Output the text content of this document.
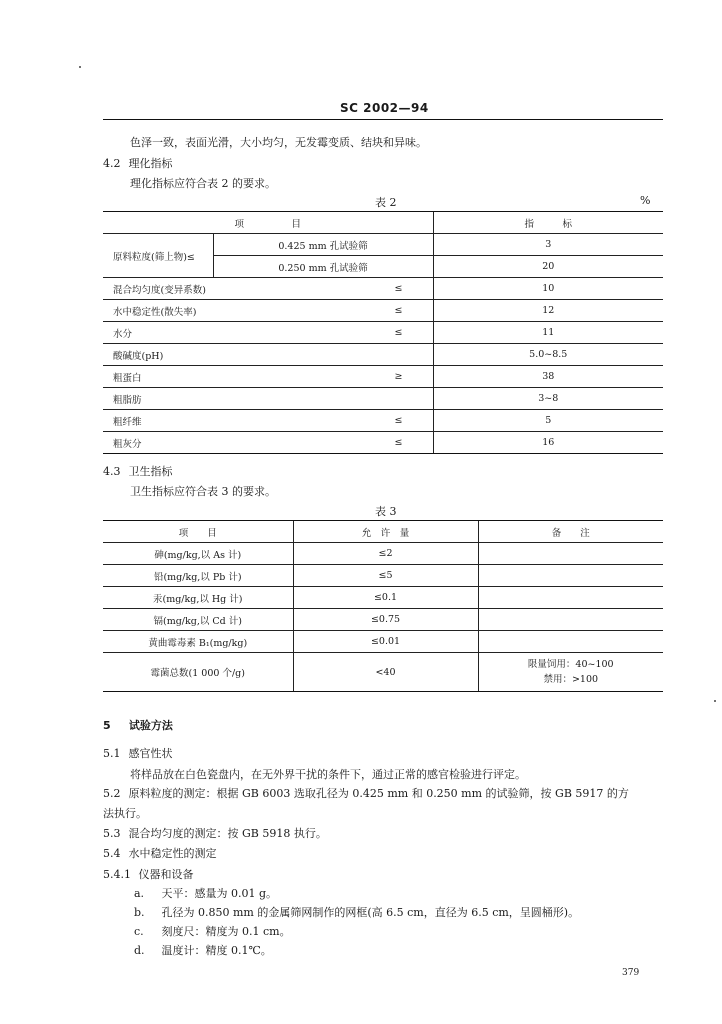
SC 2002—94
色泽一致，表面光滑，大小均匀，无发霉变质、结块和异味。
4.2 理化指标
理化指标应符合表 2 的要求。
表 2	%
项　　　　　目			指　　　标
原料粒度(筛上物)≤	0.425 mm 孔试验筛		3
	0.250 mm 孔试验筛		20
混合均匀度(变异系数)		≤	10
水中稳定性(散失率)		≤	12
水分		≤	11
酸碱度(pH)			5.0~8.5
粗蛋白		≥	38
粗脂肪			3~8
粗纤维		≤	5
粗灰分		≤	16
4.3 卫生指标
卫生指标应符合表 3 的要求。
表 3
项　　目	允　许　量	备　　注
砷(mg/kg,以 As 计)	≤2	
铅(mg/kg,以 Pb 计)	≤5	
汞(mg/kg,以 Hg 计)	≤0.1	
镉(mg/kg,以 Cd 计)	≤0.75	
黄曲霉毒素 B₁(mg/kg)	≤0.01	
霉菌总数(1 000 个/g)	<40	限量饲用：40~100
禁用：>100
5 试验方法
5.1 感官性状
将样品放在白色瓷盘内，在无外界干扰的条件下，通过正常的感官检验进行评定。
5.2 原料粒度的测定：根据 GB 6003 选取孔径为 0.425 mm 和 0.250 mm 的试验筛，按 GB 5917 的方
法执行。
5.3 混合均匀度的测定：按 GB 5918 执行。
5.4 水中稳定性的测定
5.4.1 仪器和设备
a. 天平：感量为 0.01 g。
b. 孔径为 0.850 mm 的金属筛网制作的网框(高 6.5 cm，直径为 6.5 cm，呈圆桶形)。
c. 刻度尺：精度为 0.1 cm。
d. 温度计：精度 0.1℃。
379
